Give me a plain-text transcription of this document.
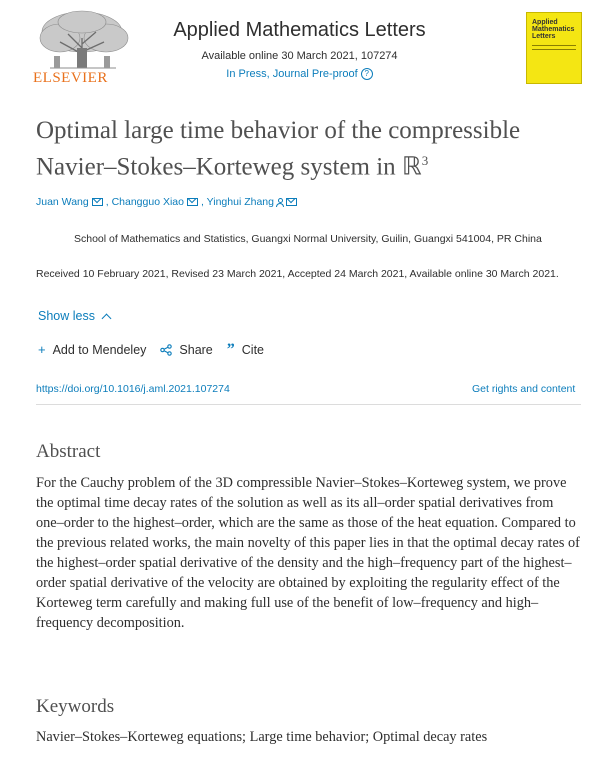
ELSEVIER
Applied Mathematics Letters
Available online 30 March 2021, 107274
In Press, Journal Pre-proof ?
Applied Mathematics Letters
Optimal large time behavior of the compressible Navier–Stokes–Korteweg system in ℝ$^3$
Juan Wang , Changguo Xiao , Yinghui Zhang
School of Mathematics and Statistics, Guangxi Normal University, Guilin, Guangxi 541004, PR China
Received 10 February 2021, Revised 23 March 2021, Accepted 24 March 2021, Available online 30 March 2021.
Show less
+ Add to Mendeley	Share ” Cite
https://doi.org/10.1016/j.aml.2021.107274	Get rights and content
Abstract
For the Cauchy problem of the 3D compressible Navier–Stokes–Korteweg system, we prove the optimal time decay rates of the solution as well as its all–order spatial derivatives from one–order to the highest–order, which are the same as those of the heat equation. Compared to the previous related works, the main novelty of this paper lies in that the optimal decay rates of the highest–order spatial derivative of the density and the high–frequency part of the highest–order spatial derivative of the velocity are obtained by exploiting the regularity effect of the Korteweg term carefully and making full use of the benefit of low–frequency and high–frequency decomposition.
Keywords
Navier–Stokes–Korteweg equations; Large time behavior; Optimal decay rates
